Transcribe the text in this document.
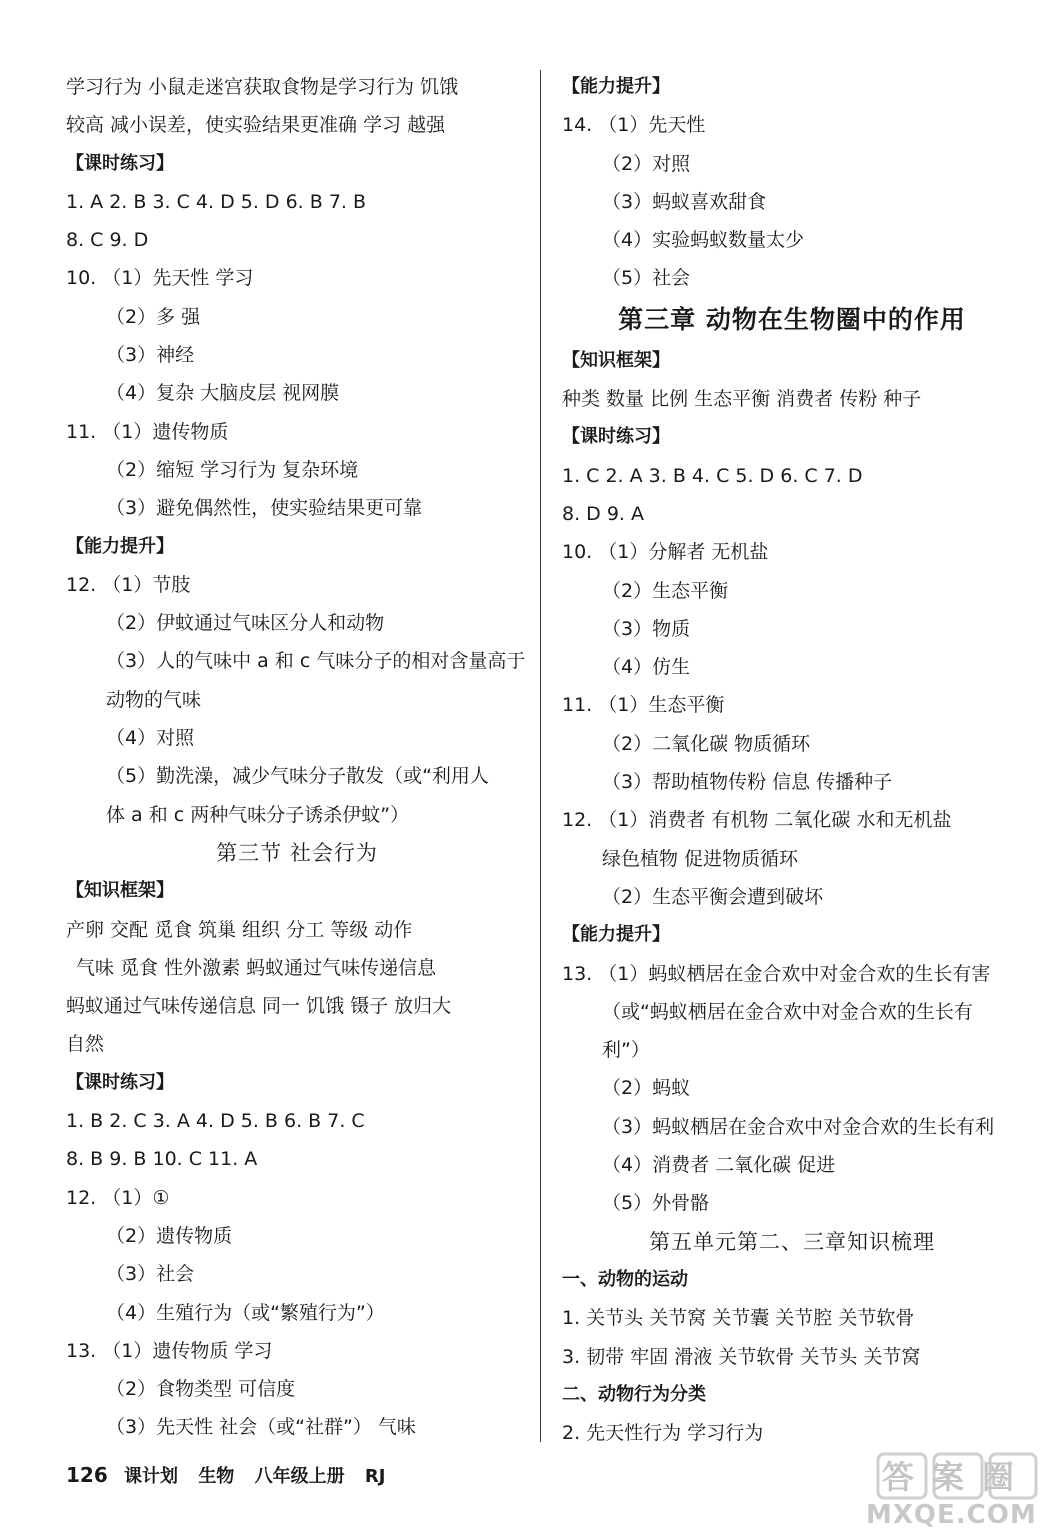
学习行为 小鼠走迷宫获取食物是学习行为 饥饿
较高 减小误差，使实验结果更准确 学习 越强
【课时练习】
1. A 2. B 3. C 4. D 5. D 6. B 7. B
8. C 9. D
10. （1）先天性 学习
（2）多 强
（3）神经
（4）复杂 大脑皮层 视网膜
11. （1）遗传物质
（2）缩短 学习行为 复杂环境
（3）避免偶然性，使实验结果更可靠
【能力提升】
12. （1）节肢
（2）伊蚊通过气味区分人和动物
（3）人的气味中 a 和 c 气味分子的相对含量高于
动物的气味
（4）对照
（5）勤洗澡，减少气味分子散发（或“利用人
体 a 和 c 两种气味分子诱杀伊蚊”）
第三节 社会行为
【知识框架】
产卵 交配 觅食 筑巢 组织 分工 等级 动作
气味 觅食 性外激素 蚂蚁通过气味传递信息
蚂蚁通过气味传递信息 同一 饥饿 镊子 放归大
自然
【课时练习】
1. B 2. C 3. A 4. D 5. B 6. B 7. C
8. B 9. B 10. C 11. A
12. （1）①
（2）遗传物质
（3）社会
（4）生殖行为（或“繁殖行为”）
13. （1）遗传物质 学习
（2）食物类型 可信度
（3）先天性 社会（或“社群”） 气味
【能力提升】
14. （1）先天性
（2）对照
（3）蚂蚁喜欢甜食
（4）实验蚂蚁数量太少
（5）社会
第三章 动物在生物圈中的作用
【知识框架】
种类 数量 比例 生态平衡 消费者 传粉 种子
【课时练习】
1. C 2. A 3. B 4. C 5. D 6. C 7. D
8. D 9. A
10. （1）分解者 无机盐
（2）生态平衡
（3）物质
（4）仿生
11. （1）生态平衡
（2）二氧化碳 物质循环
（3）帮助植物传粉 信息 传播种子
12. （1）消费者 有机物 二氧化碳 水和无机盐
绿色植物 促进物质循环
（2）生态平衡会遭到破坏
【能力提升】
13. （1）蚂蚁栖居在金合欢中对金合欢的生长有害
（或“蚂蚁栖居在金合欢中对金合欢的生长有
利”）
（2）蚂蚁
（3）蚂蚁栖居在金合欢中对金合欢的生长有利
（4）消费者 二氧化碳 促进
（5）外骨骼
第五单元第二、三章知识梳理
一、动物的运动
1. 关节头 关节窝 关节囊 关节腔 关节软骨
3. 韧带 牢固 滑液 关节软骨 关节头 关节窝
二、动物行为分类
2. 先天性行为 学习行为
126 课计划 生物 八年级上册 RJ	答案圈
MXQE.COM
